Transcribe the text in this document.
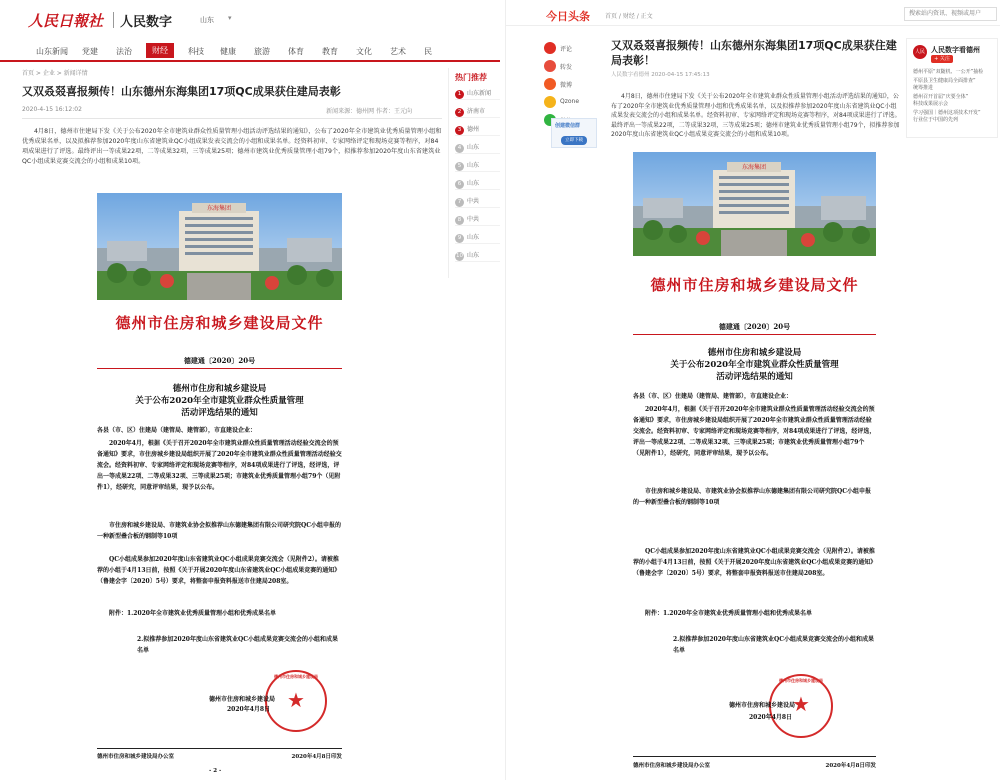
人民日報社 人民数字	山东 ▾
山东新闻 党建 法治	财经	科技 健康 旅游 体育 教育 文化 艺术 民
首页 > 企业 > 新闻详情
又双叒叕喜报频传！山东德州东海集团17项QC成果获住建局表彰
2020-4-15 16:12:02	新闻来源：德州网 作者：王元向
4月8日，德州市住建局下发《关于公布2020年全市建筑业群众性质量管理小组活动评选结果的通知》，公布了2020年全市建筑业优秀质量管理小组和优秀成果名单，以及拟推荐参加2020年度山东省建筑业QC小组成果发表交流会的小组和成果名单。经资料初审、专家网络评定和现场竞赛等程序，对84项成果进行了评选。最终评出一等成果22项，二等成果32项，三等成果25项；德州市建筑业优秀质量管理小组79个，拟推荐参加2020年度山东省建筑业QC小组成果竞赛交流会的小组和成果10项。
东海集团
热门推荐
1 山东新闻
2 济南市
3 德州
4 山东
5 山东
6 山东
7 中共
8 中共
9 山东
10 山东
德州市住房和城乡建设局文件
德建通〔2020〕20号
德州市住房和城乡建设局
关于公布2020年全市建筑业群众性质量管理
活动评选结果的通知
各县（市、区）住建局（建管局、建管部），市直建设企业：
2020年4月，根据《关于召开2020年全市建筑业群众性质量管理活动经验交流会的预备通知》要求，市住房城乡建设局组织开展了2020年全市建筑业群众性质量管理活动经验交流会。经资料初审、专家网络评定和现场竞赛等程序，对84项成果进行了评选，经评选，评出一等成果22项、二等成果32项、三等成果25项；市建筑业优秀质量管理小组79个（见附件1），经研究，同意评审结果，现予以公布。
市住房和城乡建设局、市建筑业协会拟推荐山东德建集团有限公司研究院QC小组申报的一种新型叠合板的钢制等10项
QC小组成果参加2020年度山东省建筑业QC小组成果竞赛交流会（见附件2）。请被推荐的小组于4月13日前，按照《关于开展2020年度山东省建筑业QC小组成果竞赛的通知》（鲁建会字〔2020〕5号）要求，将整套申报资料报送市住建局208室。
附件：1.2020年全市建筑业优秀质量管理小组和优秀成果名单
2.拟推荐参加2020年度山东省建筑业QC小组成果竞赛交流会的小组和成果名单
★
德州市住房和城乡建设局
德州市住房和城乡建设局
2020年4月8日
德州市住房和城乡建设局办公室	2020年4月8日印发
- 2 -
今日头条	首页 / 财经 / 正文
搜索站内资讯、视频或用户
评论
转发
微博
Qzone
创建微信群
立即下载
又双叒叕喜报频传！山东德州东海集团17项QC成果获住建局表彰！
人民数字看德州 2020-04-15 17:45:13
4月8日，德州市住建局下发《关于公布2020年全市建筑业群众性质量管理小组活动评选结果的通知》，公布了2020年全市建筑业优秀质量管理小组和优秀成果名单，以及拟推荐参加2020年度山东省建筑业QC小组成果发表交流会的小组和成果名单。经资料初审、专家网络评定和现场竞赛等程序，对84项成果进行了评选。最终评出一等成果22项，二等成果32项，三等成果25项；德州市建筑业优秀质量管理小组79个，拟推荐参加2020年度山东省建筑业QC小组成果竞赛交流会的小组和成果10项。
东海集团
人民 人民数字看德州
+ 关注
德州平原“双随机、一公开”抽检
平原县卫生健康局全面排查”
统筹推进
德州召开首届“庆要全体”
科技成果展示会
学习强国｜德州这项技术开发”
行业位于中国的先列
德州市住房和城乡建设局文件
德建通〔2020〕20号
德州市住房和城乡建设局
关于公布2020年全市建筑业群众性质量管理
活动评选结果的通知
各县（市、区）住建局（建管局、建管部），市直建设企业：
2020年4月，根据《关于召开2020年全市建筑业群众性质量管理活动经验交流会的预备通知》要求，市住房城乡建设局组织开展了2020年全市建筑业群众性质量管理活动经验交流会。经资料初审、专家网络评定和现场竞赛等程序，对84项成果进行了评选，经评选，评出一等成果22项、二等成果32项、三等成果25项；市建筑业优秀质量管理小组79个（见附件1），经研究，同意评审结果，现予以公布。
市住房和城乡建设局、市建筑业协会拟推荐山东德建集团有限公司研究院QC小组申报的一种新型叠合板的钢制等10项
QC小组成果参加2020年度山东省建筑业QC小组成果竞赛交流会（见附件2）。请被推荐的小组于4月13日前，按照《关于开展2020年度山东省建筑业QC小组成果竞赛的通知》（鲁建会字〔2020〕5号）要求，将整套申报资料报送市住建局208室。
附件：1.2020年全市建筑业优秀质量管理小组和优秀成果名单
2.拟推荐参加2020年度山东省建筑业QC小组成果竞赛交流会的小组和成果名单
★
德州市住房和城乡建设局
德州市住房和城乡建设局
2020年4月8日
德州市住房和城乡建设局办公室	2020年4月8日印发
